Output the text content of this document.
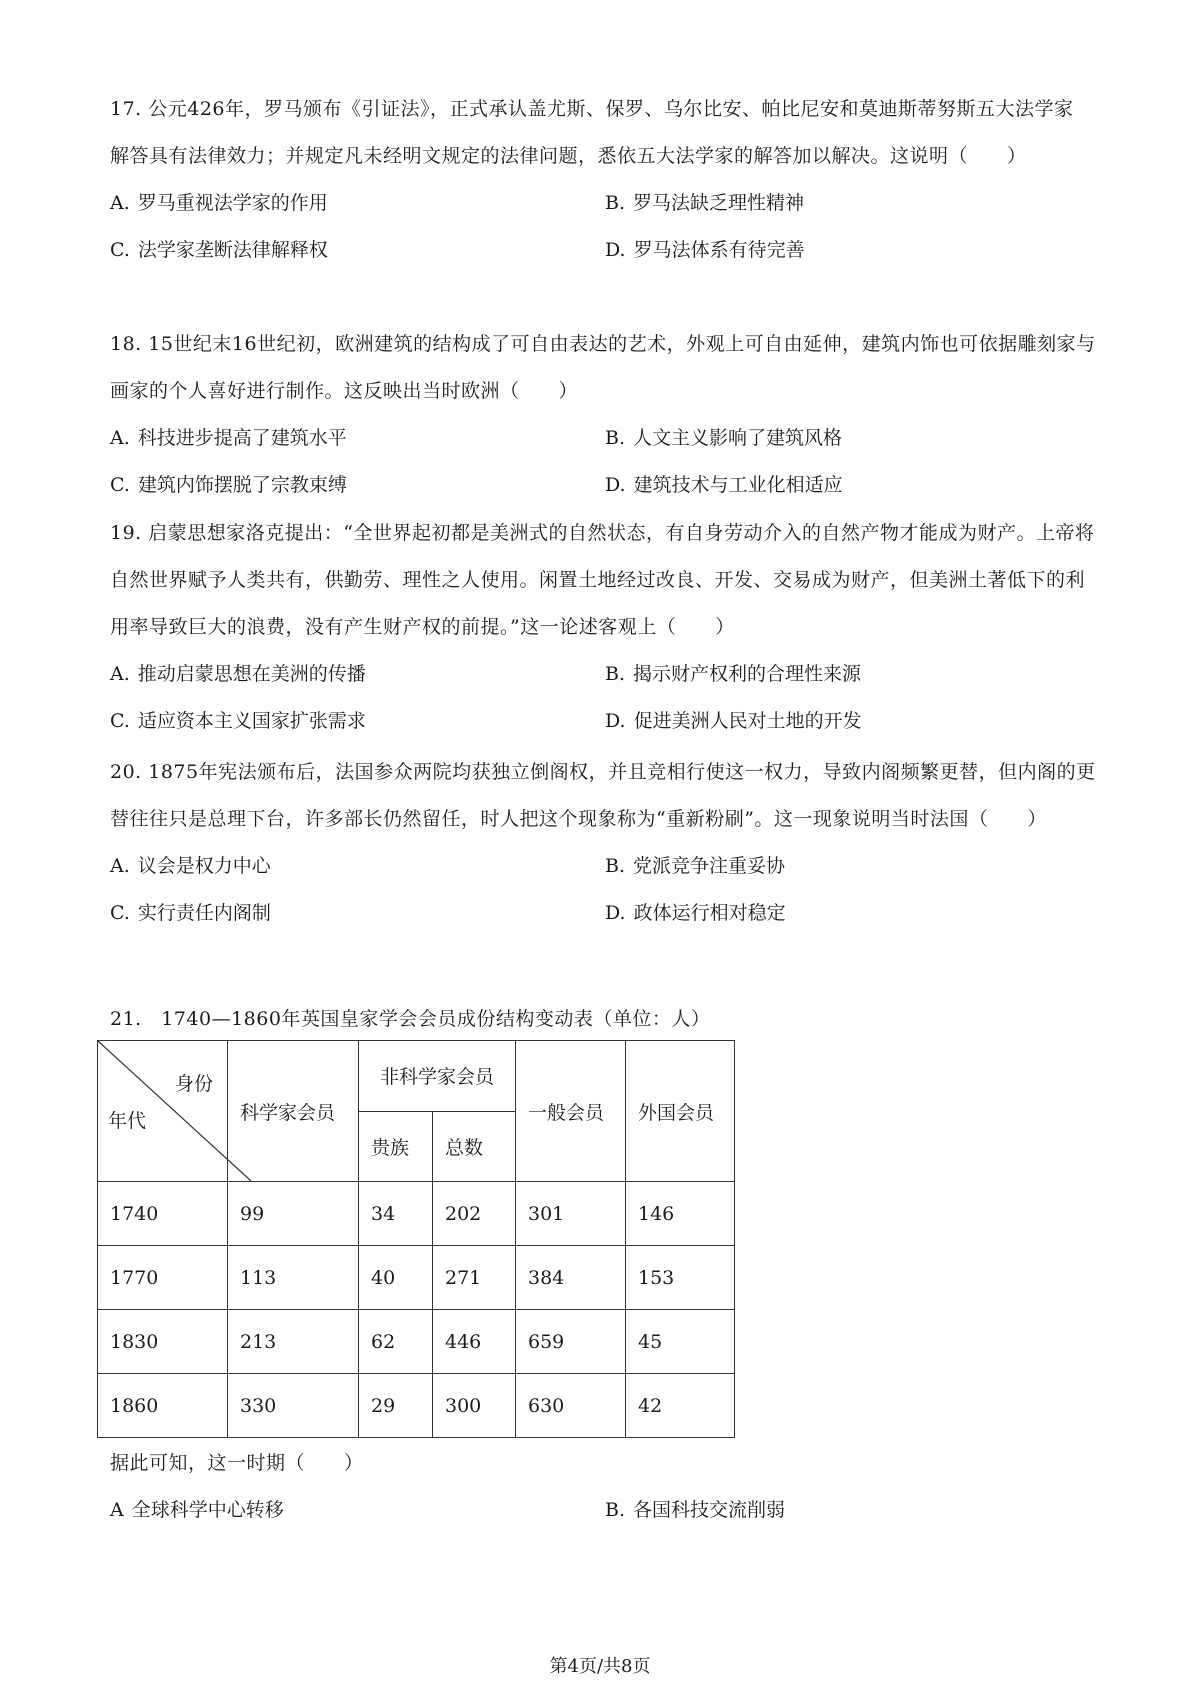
17. 公元426年，罗马颁布《引证法》，正式承认盖尤斯、保罗、乌尔比安、帕比尼安和莫迪斯蒂努斯五大法学家　解答具有法律效力；并规定凡未经明文规定的法律问题，悉依五大法学家的解答加以解决。这说明（　　）

A. 罗马重视法学家的作用	B. 罗马法缺乏理性精神
C. 法学家垄断法律解释权	D. 罗马法体系有待完善

18. 15世纪末16世纪初，欧洲建筑的结构成了可自由表达的艺术，外观上可自由延伸，建筑内饰也可依据雕刻家与画家的个人喜好进行制作。这反映出当时欧洲（　　）

A. 科技进步提高了建筑水平	B. 人文主义影响了建筑风格
C. 建筑内饰摆脱了宗教束缚	D. 建筑技术与工业化相适应

19. 启蒙思想家洛克提出：“全世界起初都是美洲式的自然状态，有自身劳动介入的自然产物才能成为财产。上帝将自然世界赋予人类共有，供勤劳、理性之人使用。闲置土地经过改良、开发、交易成为财产，但美洲土著低下的利用率导致巨大的浪费，没有产生财产权的前提。”这一论述客观上（　　）

A. 推动启蒙思想在美洲的传播	B. 揭示财产权利的合理性来源
C. 适应资本主义国家扩张需求	D. 促进美洲人民对土地的开发

20. 1875年宪法颁布后，法国参众两院均获独立倒阁权，并且竞相行使这一权力，导致内阁频繁更替，但内阁的更替往往只是总理下台，许多部长仍然留任，时人把这个现象称为“重新粉刷”。这一现象说明当时法国（　　）

A. 议会是权力中心	B. 党派竞争注重妥协
C. 实行责任内阁制	D. 政体运行相对稳定

21.　1740—1860年英国皇家学会会员成份结构变动表（单位：人）

身份
年代	科学家会员	非科学家会员		一般会员	外国会员
		贵族	总数		
1740	99	34	202	301	146
1770	113	40	271	384	153
1830	213	62	446	659	45
1860	330	29	300	630	42

据此可知，这一时期（　　）

A 全球科学中心转移	B. 各国科技交流削弱
第4页/共8页
